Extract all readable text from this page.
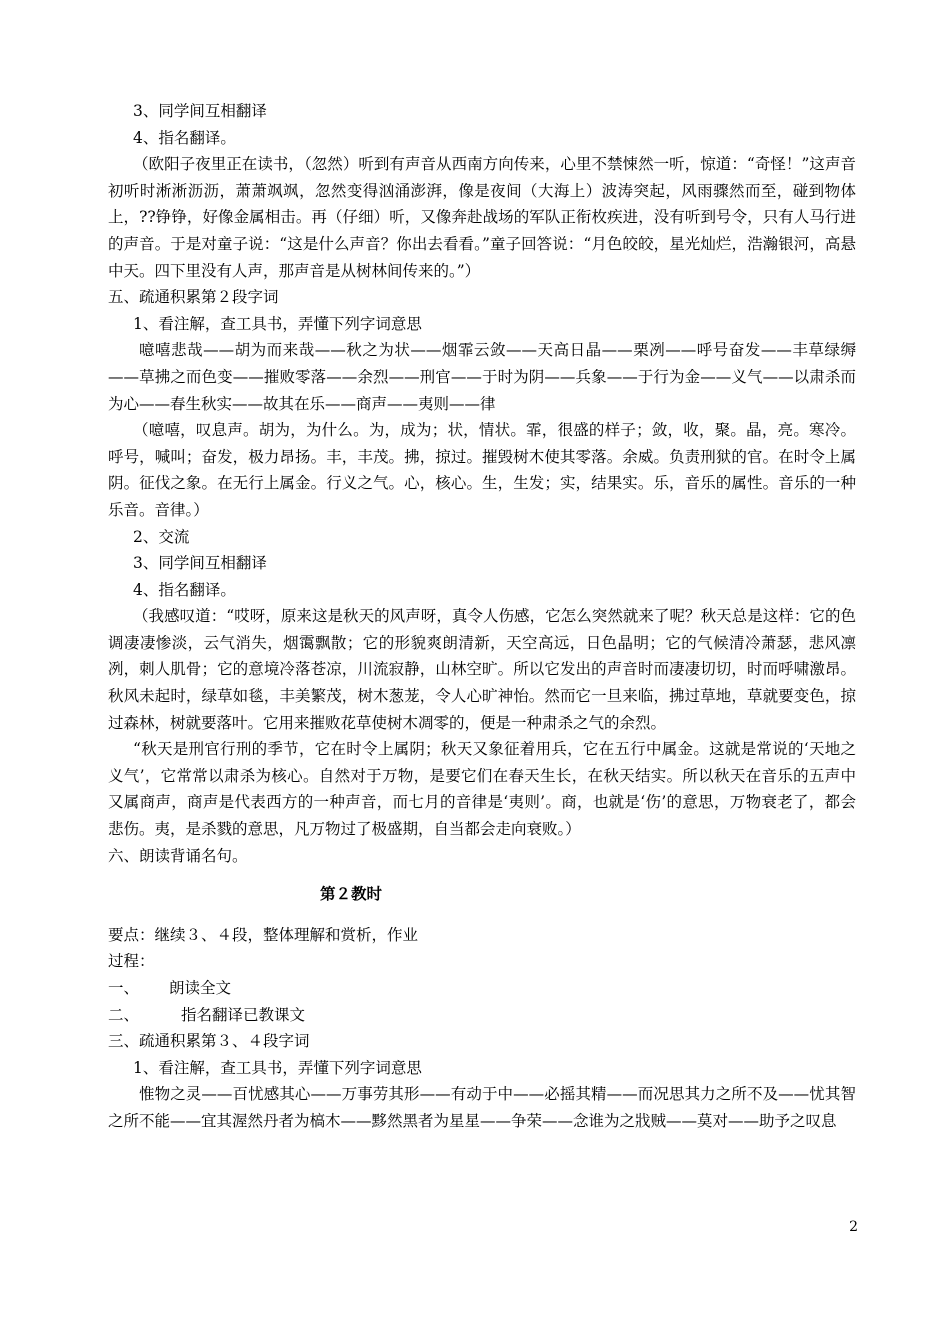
3、同学间互相翻译

4、指名翻译。

（欧阳子夜里正在读书，（忽然）听到有声音从西南方向传来，心里不禁悚然一听，惊道：“奇怪！”这声音初听时淅淅沥沥，萧萧飒飒，忽然变得汹涌澎湃，像是夜间（大海上）波涛突起，风雨骤然而至，碰到物体上，??铮铮，好像金属相击。再（仔细）听，又像奔赴战场的军队正衔枚疾进，没有听到号令，只有人马行进的声音。于是对童子说：“这是什么声音？你出去看看。”童子回答说：“月色皎皎，星光灿烂，浩瀚银河，高悬中天。四下里没有人声，那声音是从树林间传来的。”）

五、疏通积累第２段字词

1、看注解，查工具书，弄懂下列字词意思

噫嘻悲哉——胡为而来哉——秋之为状——烟霏云敛——天高日晶——栗冽——呼号奋发——丰草绿缛——草拂之而色变——摧败零落——余烈——刑官——于时为阴——兵象——于行为金——义气——以肃杀而为心——春生秋实——故其在乐——商声——夷则——律

（噫嘻，叹息声。胡为，为什么。为，成为；状，情状。霏，很盛的样子；敛，收，聚。晶，亮。寒冷。呼号，喊叫；奋发，极力昂扬。丰，丰茂。拂，掠过。摧毁树木使其零落。余威。负责刑狱的官。在时令上属阴。征伐之象。在无行上属金。行义之气。心，核心。生，生发；实，结果实。乐，音乐的属性。音乐的一种乐音。音律。）

2、交流

3、同学间互相翻译

4、指名翻译。

（我感叹道：“哎呀，原来这是秋天的风声呀，真令人伤感，它怎么突然就来了呢？秋天总是这样：它的色调凄凄惨淡，云气消失，烟霭飘散；它的形貌爽朗清新，天空高远，日色晶明；它的气候清冷萧瑟，悲风凛冽，刺人肌骨；它的意境冷落苍凉，川流寂静，山林空旷。所以它发出的声音时而凄凄切切，时而呼啸激昂。秋风未起时，绿草如毯，丰美繁茂，树木葱茏，令人心旷神怡。然而它一旦来临，拂过草地，草就要变色，掠过森林，树就要落叶。它用来摧败花草使树木凋零的，便是一种肃杀之气的余烈。

“秋天是刑官行刑的季节，它在时令上属阴；秋天又象征着用兵，它在五行中属金。这就是常说的‘天地之义气’，它常常以肃杀为核心。自然对于万物，是要它们在春天生长，在秋天结实。所以秋天在音乐的五声中又属商声，商声是代表西方的一种声音，而七月的音律是‘夷则’。商，也就是‘伤’的意思，万物衰老了，都会悲伤。夷，是杀戮的意思，凡万物过了极盛期，自当都会走向衰败。）

六、朗读背诵名句。

第２教时

要点：继续３、４段，整体理解和赏析，作业

过程：

一、 朗读全文

二、	指名翻译已教课文

三、疏通积累第３、４段字词

1、看注解，查工具书，弄懂下列字词意思

惟物之灵——百忧感其心——万事劳其形——有动于中——必摇其精——而况思其力之所不及——忧其智之所不能——宜其渥然丹者为槁木——黟然黑者为星星——争荣——念谁为之戕贼——莫对——助予之叹息

2
